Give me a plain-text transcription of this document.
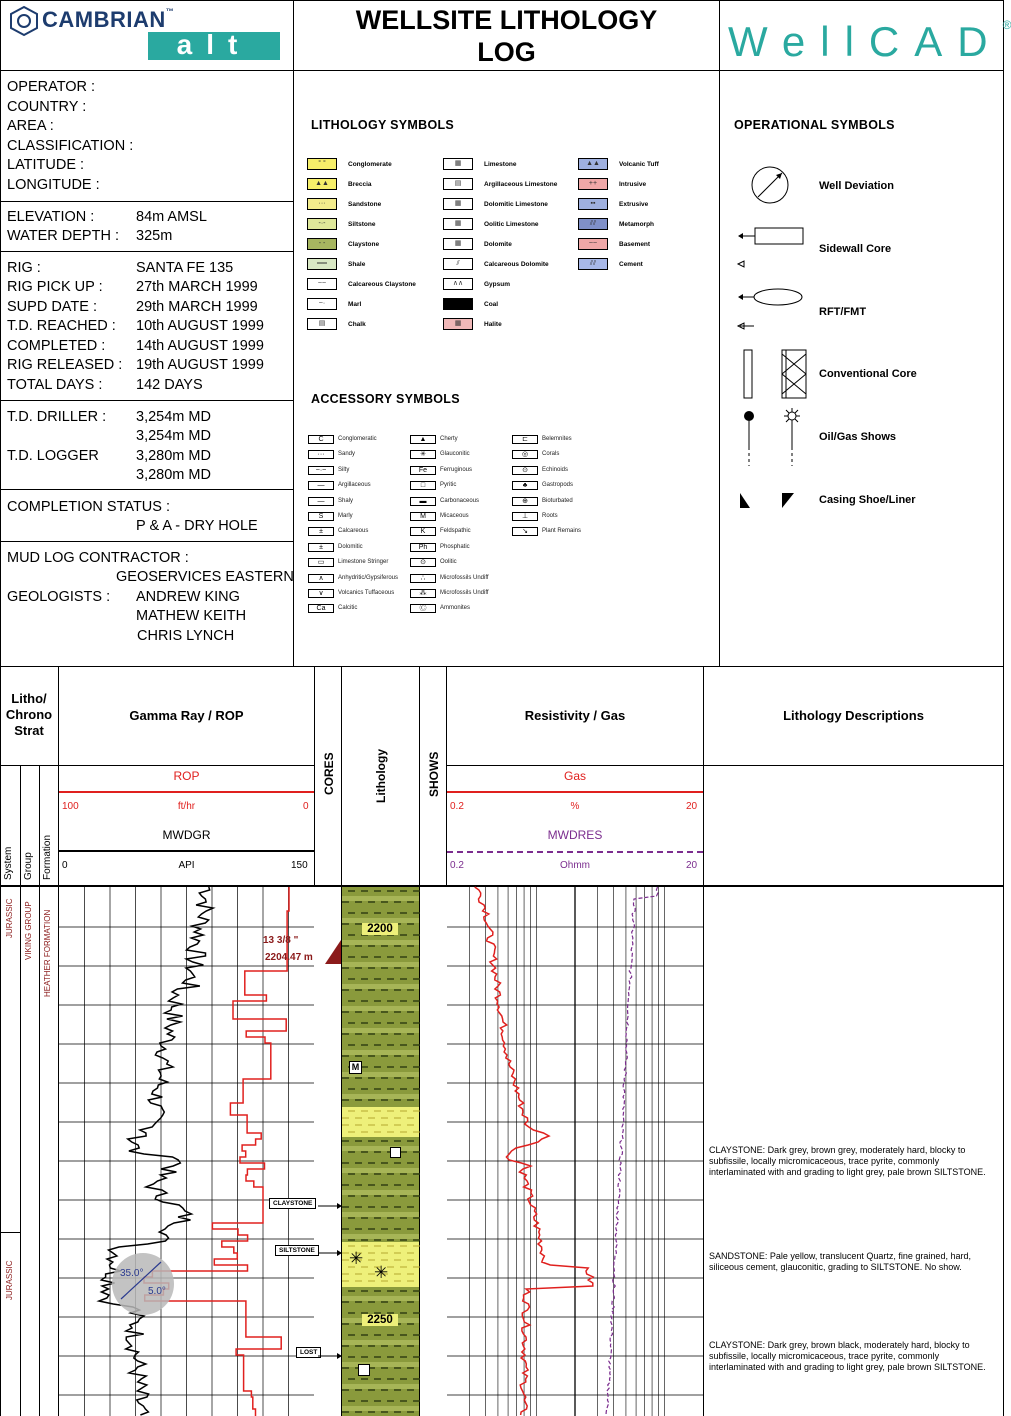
CAMBRIAN™
alt
WELLSITE LITHOLOGY
LOG	WellCAD®
OPERATOR :
COUNTRY :
AREA :
CLASSIFICATION :
LATITUDE :
LONGITUDE :
ELEVATION :	84m AMSL
WATER DEPTH : 325m
RIG :	SANTA FE 135
RIG PICK UP : 27th MARCH 1999
SUPD DATE :	29th MARCH 1999
T.D. REACHED : 10th AUGUST 1999
COMPLETED : 14th AUGUST 1999
RIG RELEASED : 19th AUGUST 1999
TOTAL DAYS : 142 DAYS
T.D. DRILLER : 3,254m MD
3,254m MD
T.D. LOGGER	3,280m MD
3,280m MD
COMPLETION STATUS :
P & A - DRY HOLE
MUD LOG CONTRACTOR :
GEOSERVICES EASTERN
GEOLOGISTS : ANDREW KING
MATHEW KEITH
CHRIS LYNCH
LITHOLOGY SYMBOLS
° °	Conglomerate
▲▲	Breccia
···	Sandstone
-·-	Siltstone
- -	Claystone
══	Shale
~~	Calcareous Claystone
~·	Marl
▤	Chalk
▦	Limestone
▤	Argillaceous Limestone
▦	Dolomitic Limestone
▦	Oolitic Limestone
▦	Dolomite
⫽	Calcareous Dolomite
∧∧	Gypsum
Coal
▦	Halite
▲▲	Volcanic Tuff
++	Intrusive
▪▪	Extrusive
⫽⫽	Metamorph
~~	Basement
⫽⫽	Cement
ACCESSORY SYMBOLS
C	Conglomeratic
···	Sandy
~·~	Silty
—	Argillaceous
—	Shaly
S	Marly
±	Calcareous
±	Dolomitic
▭	Limestone Stringer
∧	Anhydritic/Gypsiferous
∨	Volcanics Tuffaceous
Ca	Calcitic
▲	Cherty
✳	Glauconitic
Fe	Ferruginous
□	Pyritic
▬	Carbonaceous
M	Micaceous
K	Feldspathic
Ph	Phosphatic
⊙	Oolitic
∴	Microfossils Undiff
⁂	Microfossils Undiff
Ⓒ	Ammonites
⊏	Belemnites
◎	Corals
⊙	Echinoids
♣	Gastropods
⊕	Bioturbated
⊥	Roots
↘	Plant Remains
OPERATIONAL SYMBOLS
Well Deviation
Sidewall Core
RFT/FMT
Conventional Core
Oil/Gas Shows
Casing Shoe/Liner
Litho/
Chrono
Strat
Gamma Ray / ROP	Resistivity / Gas	Lithology Descriptions
CORES	Lithology	SHOWS
System Group Formation
ROP
100	ft/hr	0
MWDGR
0	API	150
Gas
0.2	%	20
MWDRES
0.2	Ohmm	20
JURASSIC VIKING GROUP HEATHER FORMATION
JURASSIC	35.0°
5.0°
13 3/8 "
2204.47 m
2200
2250
M
✳
✳
CLAYSTONE
SILTSTONE
LOST
CLAYSTONE: Dark grey, brown grey, moderately hard, blocky to subfissile, locally micromicaceous, trace pyrite, commonly interlaminated with and grading to light grey, pale brown SILTSTONE.
SANDSTONE: Pale yellow, translucent Quartz, fine grained, hard, siliceous cement, glauconitic, grading to SILTSTONE. No show.
CLAYSTONE: Dark grey, brown black, moderately hard, blocky to subfissile, locally micromicaceous, trace pyrite, commonly interlaminated with and grading to light grey, pale brown SILTSTONE.
